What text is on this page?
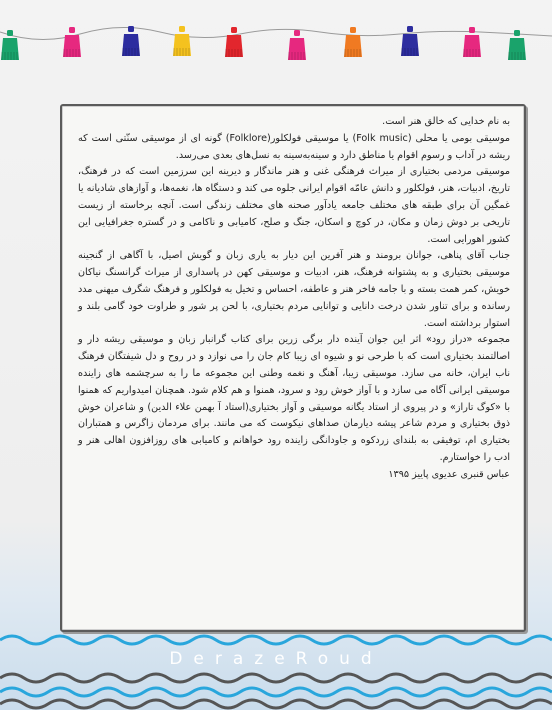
به نام خدایی که خالق هنر است.

موسیقی بومی یا محلی (Folk music) یا موسیقی فولکلور(Folklore) گونه ای از موسیقی سنّتی است که ریشه در آداب و رسوم اقوام یا مناطق دارد و سینه‌به‌سینه به نسل‌های بعدی می‌رسد.

موسیقی مردمی بختیاری از میراث فرهنگی غنی و هنر ماندگار و دیرینه این سرزمین است که در فرهنگ، تاریخ، ادبیات، هنر، فولکلور و دانش عامّه اقوام ایرانی جلوه می کند و دستگاه ها، نغمه‌ها، و آوازهای شادیانه یا غمگین آن برای طبقه های مختلف جامعه یادآور صحنه های مختلف زندگی است. آنچه برخاسته از زیست تاریخی بر دوش زمان و مکان، در کوچ و اسکان، جنگ و صلح، کامیابی و ناکامی و در گستره جغرافیایی این کشور اهورایی است.

جناب آقای پناهی، جوانان برومند و هنر آفرین این دیار به یاری زبان و گویش اصیل، با آگاهی از گنجینه موسیقی بختیاری و به پشتوانه فرهنگ، هنر، ادبیات و موسیقی کهن در پاسداری از میراث گرانسنگ نیاکان خویش، کمر همت بسته و با جامه فاخر هنر و عاطفه، احساس و تخیل به فولکلور و فرهنگ شگرف میهنی مدد رسانده و برای تناور شدن درخت دانایی و توانایی مردم بختیاری، با لحن پر شور و طراوت خود گامی بلند و استوار برداشته است.

مجموعه «دراز رود» اثر این جوان آینده دار برگی زرین برای کتاب گرانبار زبان و موسیقی ریشه دار و اصالتمند بختیاری است که با طرحی نو و شیوه ای زیبا کام جان را می نوازد و در روح و دل شیفتگان فرهنگ ناب ایران، خانه می سازد. موسیقی زیبا، آهنگ و نغمه وطنی این مجموعه ما را به سرچشمه های زاینده موسیقی ایرانی آگاه می سازد و با آواز خوش رود و سرود، همنوا و هم کلام شود. همچنان امیدواریم که همنوا با «کوگ تاراز» و در پیروی از استاد یگانه موسیقی و آواز بختیاری(استاد آ بهمن علاء الدین) و شاعران خوش ذوق بختیاری و مردم شاعر پیشه دیارمان صداهای نیکوست که می مانند. برای مردمان زاگرس و همتباران بختیاری ام، توفیقی به بلندای زردکوه و جاودانگی زاینده رود خواهانم و کامیابی های روزافزون اهالی هنر و ادب را خواستارم.

عباس قنبری عدیوی پاییز ۱۳۹۵

DerazeRoud
